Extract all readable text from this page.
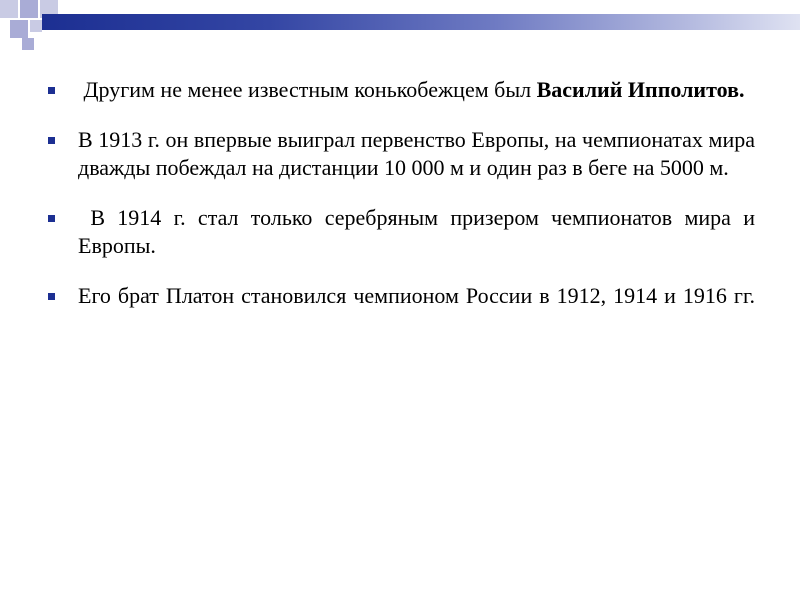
Другим не менее известным конькобежцем был Василий Ипполитов.
В 1913 г. он впервые выиграл первенство Европы, на чемпионатах мира дважды побеждал на дистанции 10 000 м и один раз в беге на 5000 м.
В 1914 г. стал только серебряным призером чемпионатов мира и Европы.
Его брат Платон становился чемпионом России в 1912, 1914 и 1916 гг.
